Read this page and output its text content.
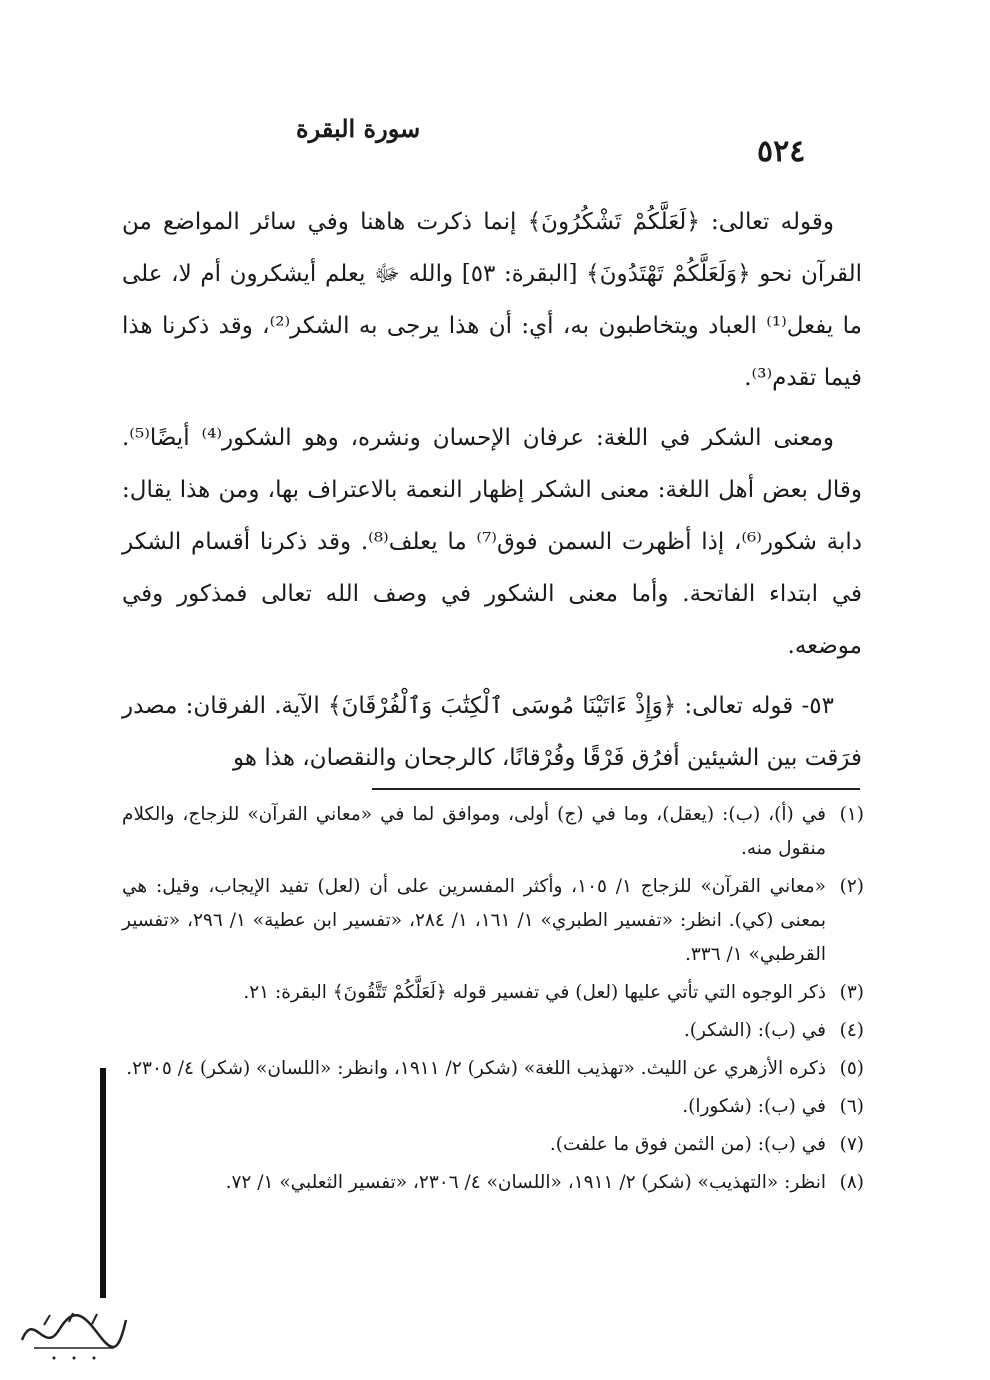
سورة البقرة
٥٢٤

وقوله تعالى: ﴿لَعَلَّكُمْ تَشْكُرُونَ﴾ إنما ذكرت هاهنا وفي سائر المواضع من القرآن نحو ﴿وَلَعَلَّكُمْ تَهْتَدُونَ﴾ [البقرة: ٥٣] والله ﷻ يعلم أيشكرون أم لا، على ما يفعل⁽¹⁾ العباد ويتخاطبون به، أي: أن هذا يرجى به الشكر⁽²⁾، وقد ذكرنا هذا فيما تقدم⁽³⁾.

ومعنى الشكر في اللغة: عرفان الإحسان ونشره، وهو الشكور⁽⁴⁾ أيضًا⁽⁵⁾. وقال بعض أهل اللغة: معنى الشكر إظهار النعمة بالاعتراف بها، ومن هذا يقال: دابة شكور⁽⁶⁾، إذا أظهرت السمن فوق⁽⁷⁾ ما يعلف⁽⁸⁾. وقد ذكرنا أقسام الشكر في ابتداء الفاتحة. وأما معنى الشكور في وصف الله تعالى فمذكور وفي موضعه.

٥٣- قوله تعالى: ﴿وَإِذْ ءَاتَيْنَا مُوسَى ٱلْكِتَٰبَ وَٱلْفُرْقَانَ﴾ الآية. الفرقان: مصدر فرَقت بين الشيئين أفرُق فَرْقًا وفُرْقانًا، كالرجحان والنقصان، هذا هو

(١)
في (أ)، (ب): (يعقل)، وما في (ج) أولى، وموافق لما في «معاني القرآن» للزجاج، والكلام منقول منه.
(٢)
«معاني القرآن» للزجاج ١/ ١٠٥، وأكثر المفسرين على أن (لعل) تفيد الإيجاب، وقيل: هي بمعنى (كي). انظر: «تفسير الطبري» ١/ ١٦١، ١/ ٢٨٤، «تفسير ابن عطية» ١/ ٢٩٦، «تفسير القرطبي» ١/ ٣٣٦.
(٣)
ذكر الوجوه التي تأتي عليها (لعل) في تفسير قوله ﴿لَعَلَّكُمْ تَتَّقُونَ﴾ البقرة: ٢١.
(٤)
في (ب): (الشكر).
(٥)
ذكره الأزهري عن الليث. «تهذيب اللغة» (شكر) ٢/ ١٩١١، وانظر: «اللسان» (شكر) ٤/ ٢٣٠٥.
(٦)
في (ب): (شكورا).
(٧)
في (ب): (من الثمن فوق ما علفت).
(٨)
انظر: «التهذيب» (شكر) ٢/ ١٩١١، «اللسان» ٤/ ٢٣٠٦، «تفسير الثعلبي» ١/ ٧٢.
